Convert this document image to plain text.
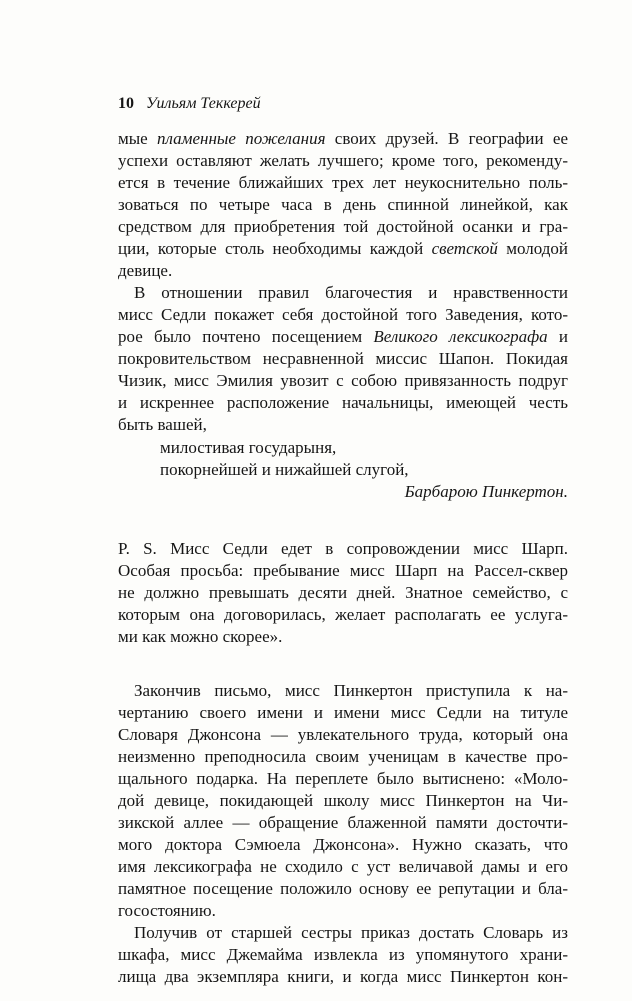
10 Уильям Теккерей
мые пламенные пожелания своих друзей. В географии ее
успехи оставляют желать лучшего; кроме того, рекоменду-
ется в течение ближайших трех лет неукоснительно поль-
зоваться по четыре часа в день спинной линейкой, как
средством для приобретения той достойной осанки и гра-
ции, которые столь необходимы каждой светской молодой
девице.
В отношении правил благочестия и нравственности
мисс Седли покажет себя достойной того Заведения, кото-
рое было почтено посещением Великого лексикографа и
покровительством несравненной миссис Шапон. Покидая
Чизик, мисс Эмилия увозит с собою привязанность подруг
и искреннее расположение начальницы, имеющей честь
быть вашей,
милостивая государыня,
покорнейшей и нижайшей слугой,
Барбарою Пинкертон.
P. S. Мисс Седли едет в сопровождении мисс Шарп.
Особая просьба: пребывание мисс Шарп на Рассел-сквер
не должно превышать десяти дней. Знатное семейство, с
которым она договорилась, желает располагать ее услуга-
ми как можно скорее».
Закончив письмо, мисс Пинкертон приступила к на-
чертанию своего имени и имени мисс Седли на титуле
Словаря Джонсона — увлекательного труда, который она
неизменно преподносила своим ученицам в качестве про-
щального подарка. На переплете было вытиснено: «Моло-
дой девице, покидающей школу мисс Пинкертон на Чи-
зикской аллее — обращение блаженной памяти досточти-
мого доктора Сэмюела Джонсона». Нужно сказать, что
имя лексикографа не сходило с уст величавой дамы и его
памятное посещение положило основу ее репутации и бла-
госостоянию.
Получив от старшей сестры приказ достать Словарь из
шкафа, мисс Джемайма извлекла из упомянутого храни-
лища два экземпляра книги, и когда мисс Пинкертон кон-
